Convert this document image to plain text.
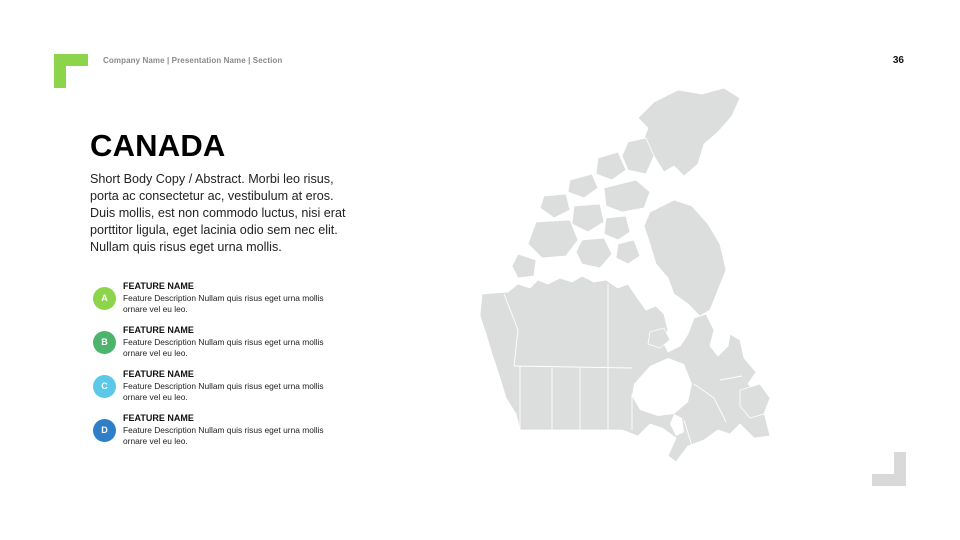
Company Name | Presentation Name | Section	36
CANADA

Short Body Copy / Abstract. Morbi leo risus, porta ac consectetur ac, vestibulum at eros. Duis mollis, est non commodo luctus, nisi erat porttitor ligula, eget lacinia odio sem nec elit. Nullam quis risus eget urna mollis.

A
FEATURE NAME
Feature Description Nullam quis risus eget urna mollis ornare vel eu leo.
B
FEATURE NAME
Feature Description Nullam quis risus eget urna mollis ornare vel eu leo.
C
FEATURE NAME
Feature Description Nullam quis risus eget urna mollis ornare vel eu leo.
D
FEATURE NAME
Feature Description Nullam quis risus eget urna mollis ornare vel eu leo.
